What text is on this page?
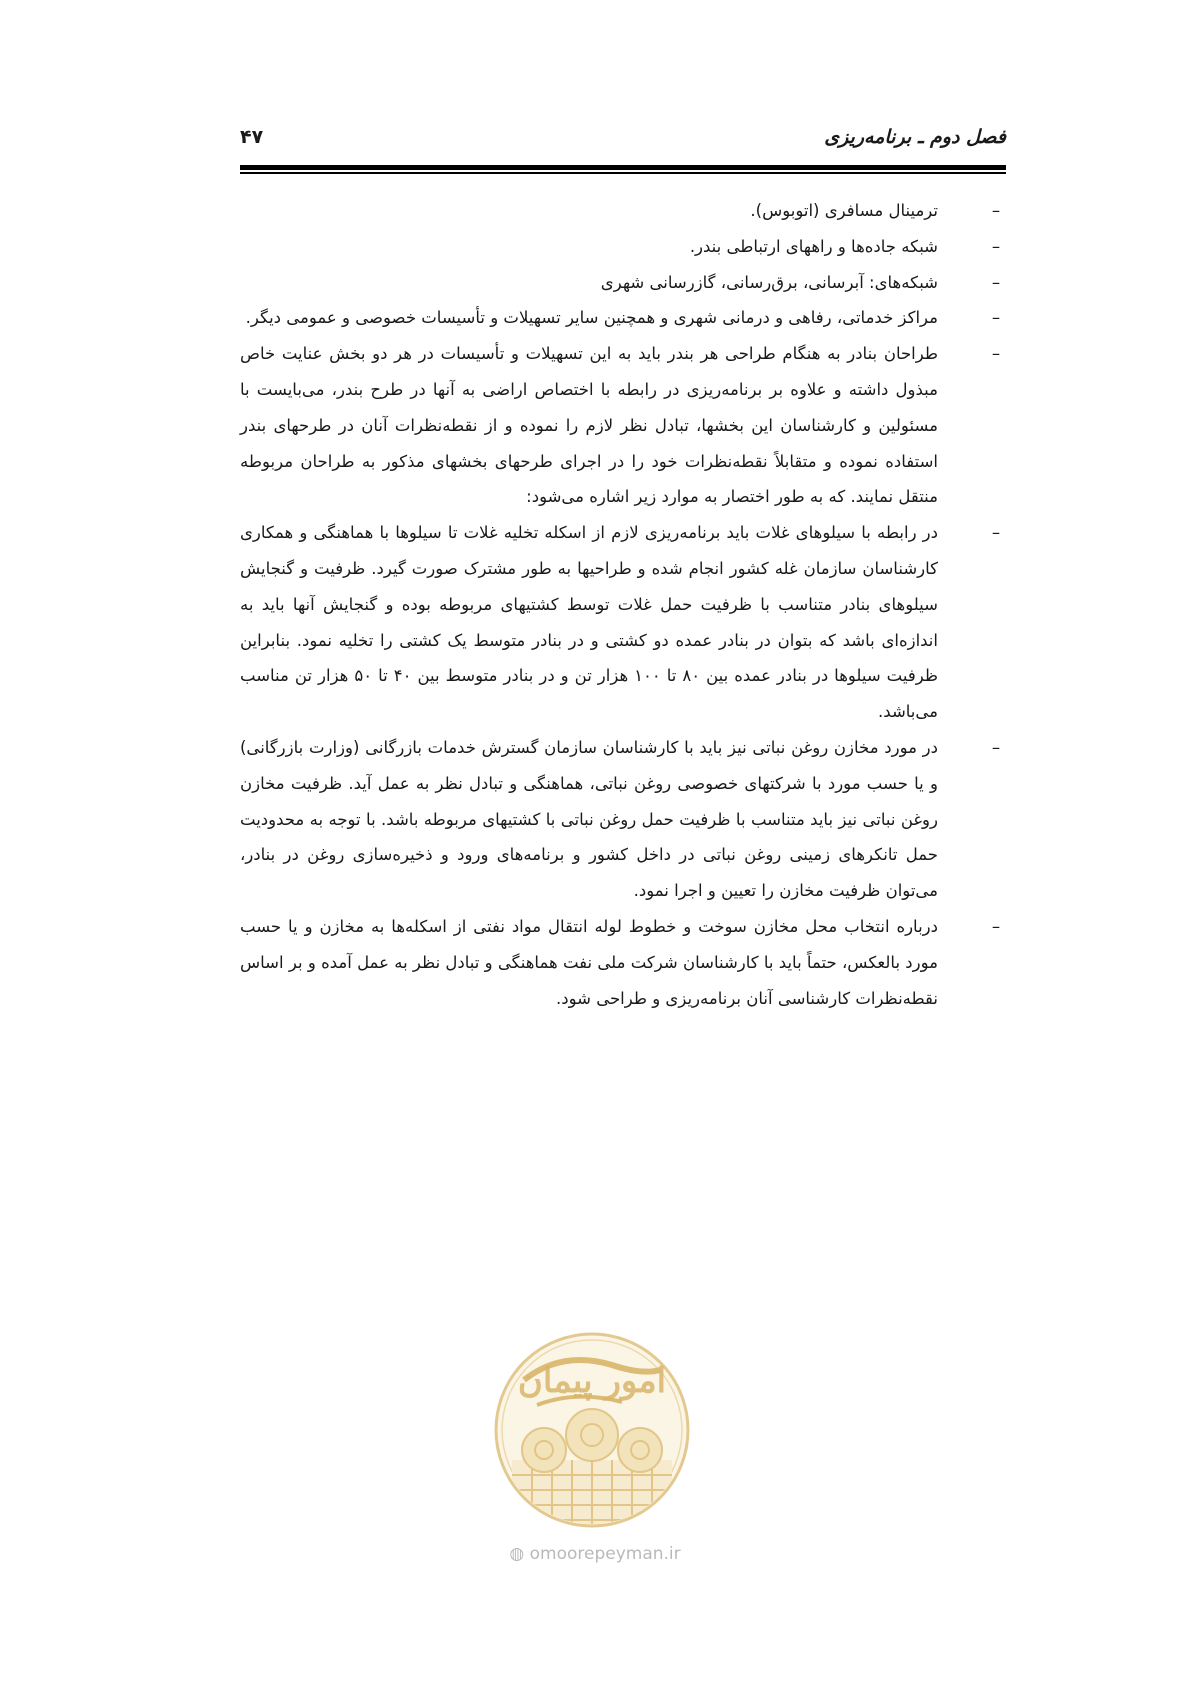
فصل دوم ـ برنامه‌ریزی
۴۷
–
ترمینال مسافری (اتوبوس).
–
شبکه جاده‌ها و راههای ارتباطی بندر.
–
شبکه‌های: آبرسانی، برق‌رسانی، گازرسانی شهری
–
مراکز خدماتی، رفاهی و درمانی شهری و همچنین سایر تسهیلات و تأسیسات خصوصی و عمومی دیگر.
–
طراحان بنادر به هنگام طراحی هر بندر باید به این تسهیلات و تأسیسات در هر دو بخش عنایت خاص مبذول داشته و علاوه بر برنامه‌ریزی در رابطه با اختصاص اراضی به آنها در طرح بندر، می‌بایست با مسئولین و کارشناسان این بخشها، تبادل نظر لازم را نموده و از نقطه‌نظرات آنان در طرحهای بندر استفاده نموده و متقابلاً نقطه‌نظرات خود را در اجرای طرحهای بخشهای مذکور به طراحان مربوطه منتقل نمایند. که به طور اختصار به موارد زیر اشاره می‌شود:
–
در رابطه با سیلوهای غلات باید برنامه‌ریزی لازم از اسکله تخلیه غلات تا سیلوها با هماهنگی و همکاری کارشناسان سازمان غله کشور انجام شده و طراحیها به طور مشترک صورت گیرد. ظرفیت و گنجایش سیلوهای بنادر متناسب با ظرفیت حمل غلات توسط کشتیهای مربوطه بوده و گنجایش آنها باید به اندازه‌ای باشد که بتوان در بنادر عمده دو کشتی و در بنادر متوسط یک کشتی را تخلیه نمود. بنابراین ظرفیت سیلوها در بنادر عمده بین ۸۰ تا ۱۰۰ هزار تن و در بنادر متوسط بین ۴۰ تا ۵۰ هزار تن مناسب می‌باشد.
–
در مورد مخازن روغن نباتی نیز باید با کارشناسان سازمان گسترش خدمات بازرگانی (وزارت بازرگانی) و یا حسب مورد با شرکتهای خصوصی روغن نباتی، هماهنگی و تبادل نظر به عمل آید. ظرفیت مخازن روغن نباتی نیز باید متناسب با ظرفیت حمل روغن نباتی با کشتیهای مربوطه باشد. با توجه به محدودیت حمل تانکرهای زمینی روغن نباتی در داخل کشور و برنامه‌های ورود و ذخیره‌سازی روغن در بنادر، می‌توان ظرفیت مخازن را تعیین و اجرا نمود.
–
درباره انتخاب محل مخازن سوخت و خطوط لوله انتقال مواد نفتی از اسکله‌ها به مخازن و یا حسب مورد بالعکس، حتماً باید با کارشناسان شرکت ملی نفت هماهنگی و تبادل نظر به عمل آمده و بر اساس نقطه‌نظرات کارشناسی آنان برنامه‌ریزی و طراحی شود.
امور پیمان
◍ omoorepeyman.ir
